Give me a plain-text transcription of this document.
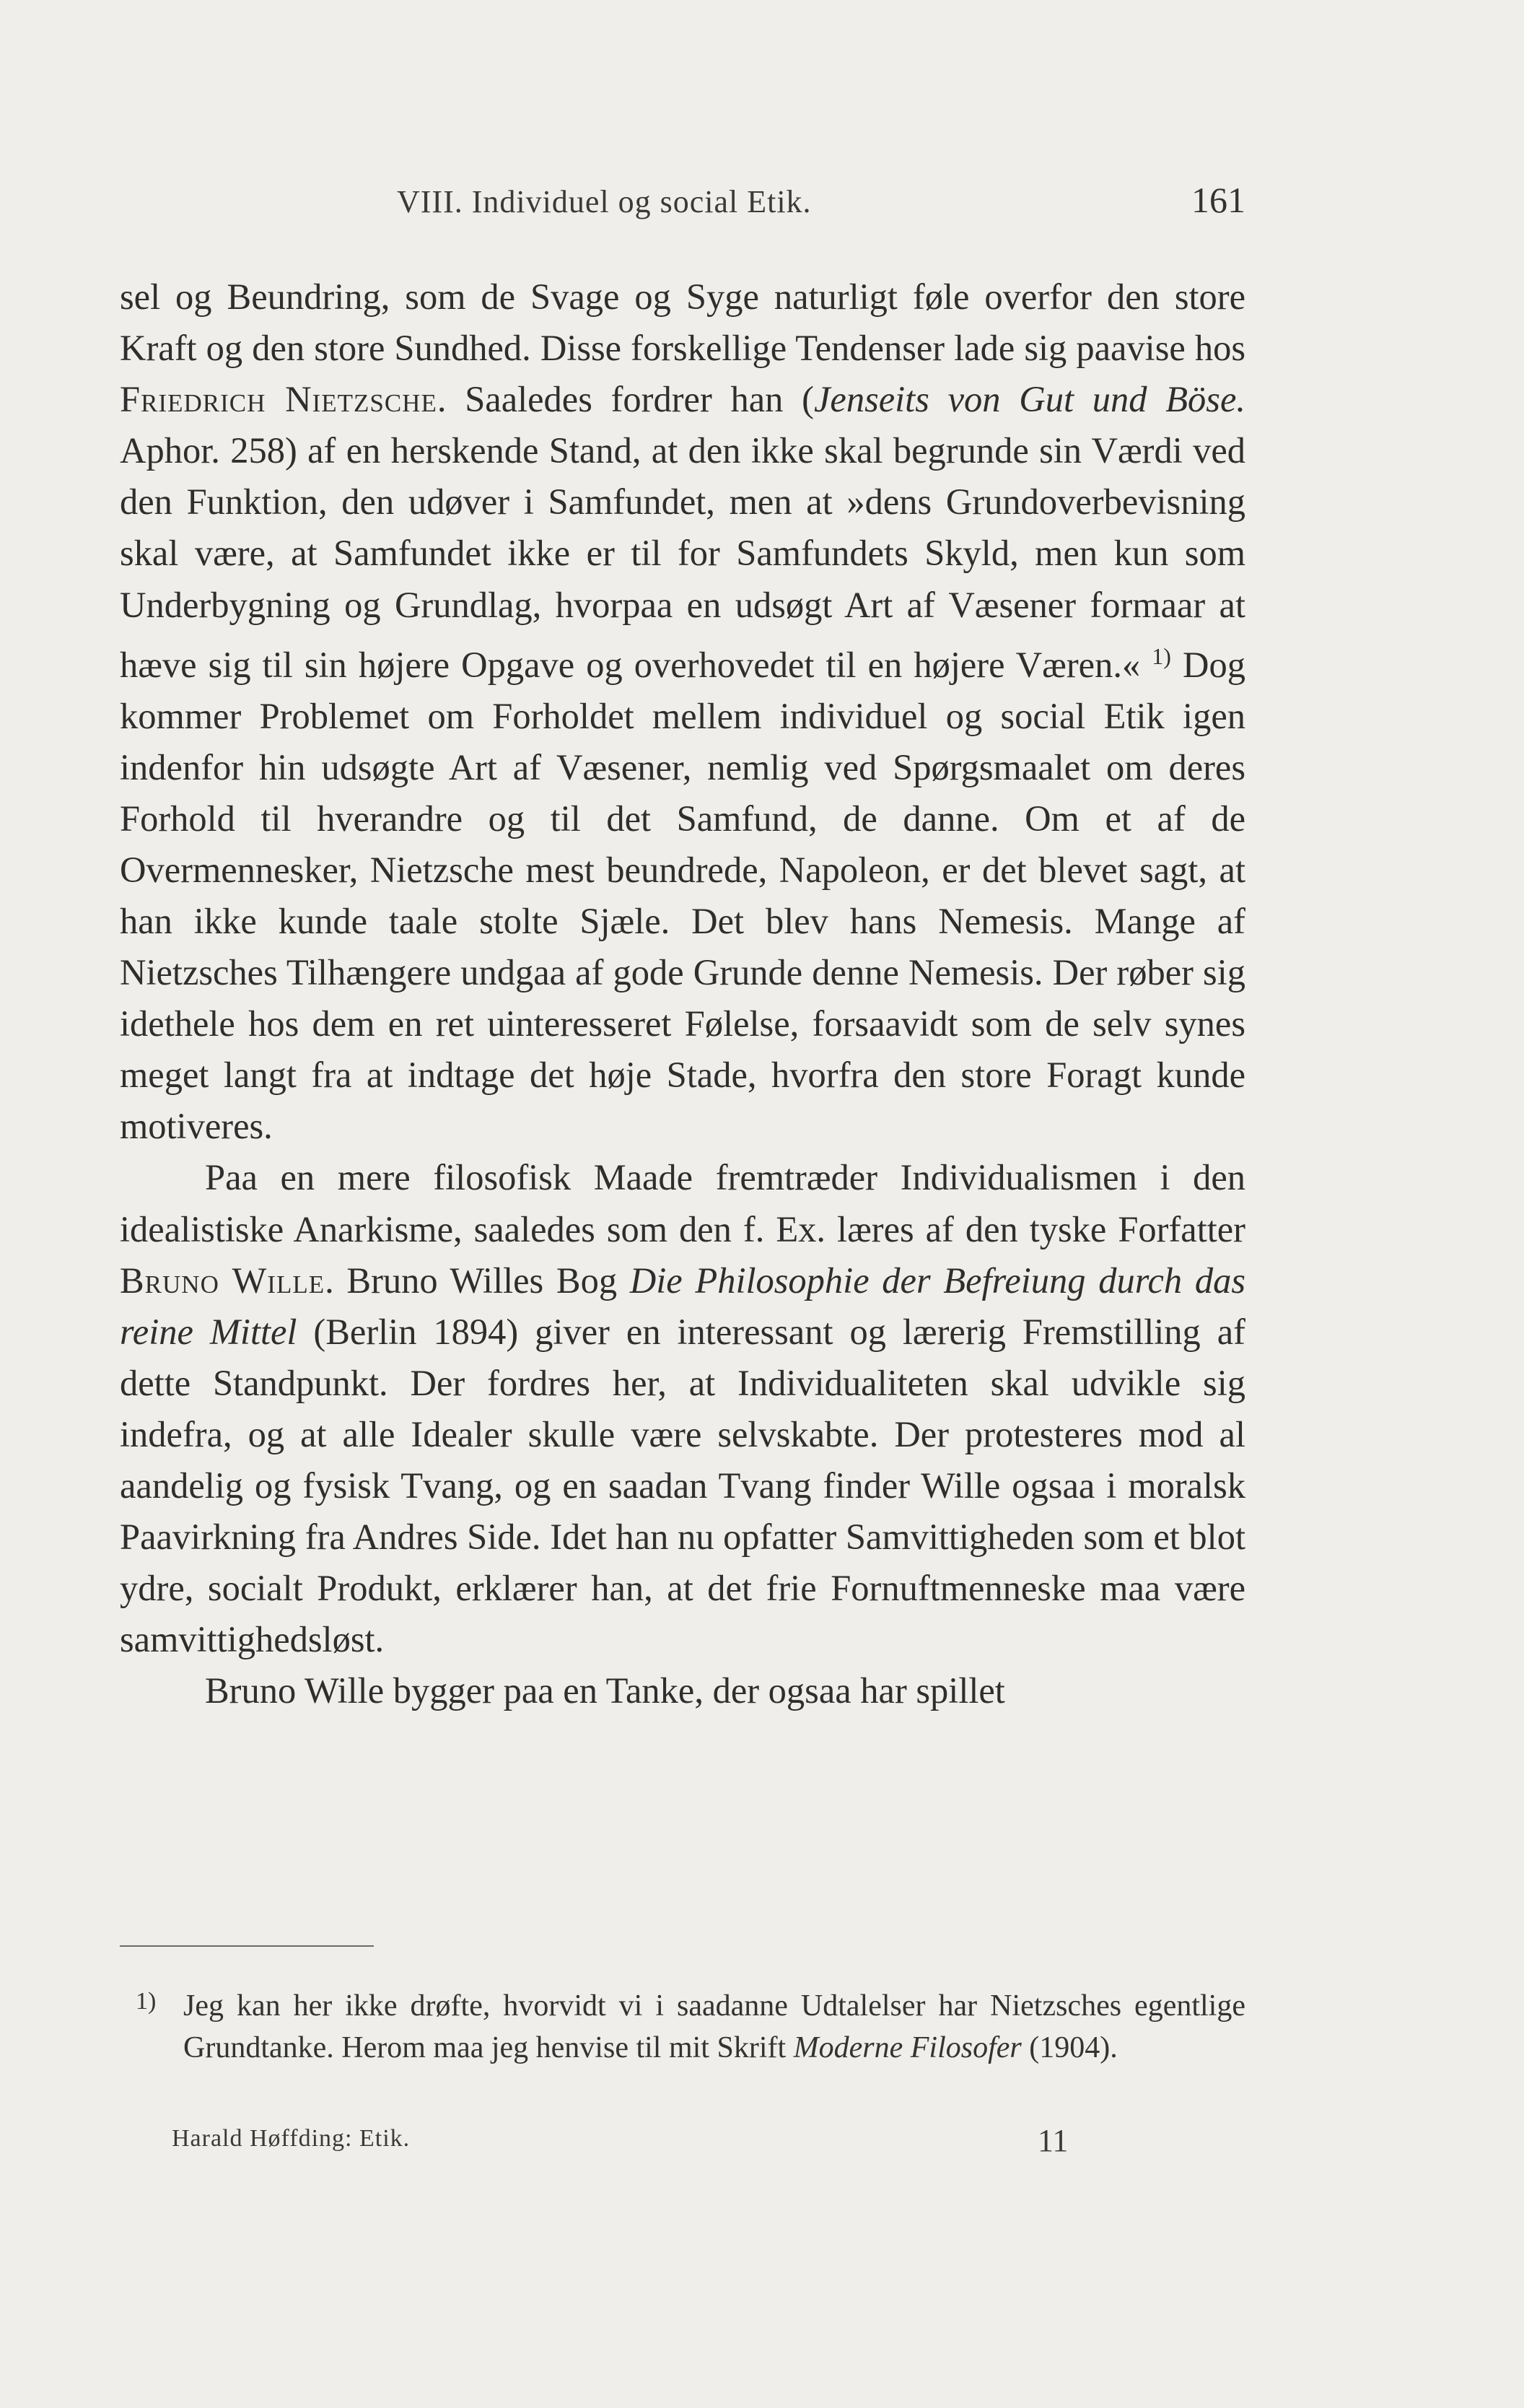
VIII. Individuel og social Etik.	161

sel og Beundring, som de Svage og Syge naturligt føle overfor den store Kraft og den store Sundhed. Disse forskellige Tendenser lade sig paavise hos Friedrich Nietzsche. Saaledes fordrer han (Jenseits von Gut und Böse. Aphor. 258) af en herskende Stand, at den ikke skal begrunde sin Værdi ved den Funktion, den udøver i Samfundet, men at »dens Grundoverbevisning skal være, at Samfundet ikke er til for Samfundets Skyld, men kun som Underbygning og Grundlag, hvorpaa en udsøgt Art af Væsener formaar at hæve sig til sin højere Opgave og overhovedet til en højere Væren.« $^{1)}$ Dog kommer Problemet om Forholdet mellem individuel og social Etik igen indenfor hin udsøgte Art af Væsener, nemlig ved Spørgsmaalet om deres Forhold til hverandre og til det Samfund, de danne. Om et af de Overmennesker, Nietzsche mest beundrede, Napoleon, er det blevet sagt, at han ikke kunde taale stolte Sjæle. Det blev hans Nemesis. Mange af Nietzsches Tilhængere undgaa af gode Grunde denne Nemesis. Der røber sig idethele hos dem en ret uinteresseret Følelse, forsaavidt som de selv synes meget langt fra at indtage det høje Stade, hvorfra den store Foragt kunde motiveres.

Paa en mere filosofisk Maade fremtræder Individualismen i den idealistiske Anarkisme, saaledes som den f. Ex. læres af den tyske Forfatter Bruno Wille. Bruno Willes Bog Die Philosophie der Befreiung durch das reine Mittel (Berlin 1894) giver en interessant og lærerig Fremstilling af dette Standpunkt. Der fordres her, at Individualiteten skal udvikle sig indefra, og at alle Idealer skulle være selvskabte. Der protesteres mod al aandelig og fysisk Tvang, og en saadan Tvang finder Wille ogsaa i moralsk Paavirkning fra Andres Side. Idet han nu opfatter Samvittigheden som et blot ydre, socialt Produkt, erklærer han, at det frie Fornuftmenneske maa være samvittighedsløst.

Bruno Wille bygger paa en Tanke, der ogsaa har spillet

1) Jeg kan her ikke drøfte, hvorvidt vi i saadanne Udtalelser har Nietzsches egentlige Grundtanke. Herom maa jeg henvise til mit Skrift Moderne Filosofer (1904).
Harald Høffding: Etik.	11
